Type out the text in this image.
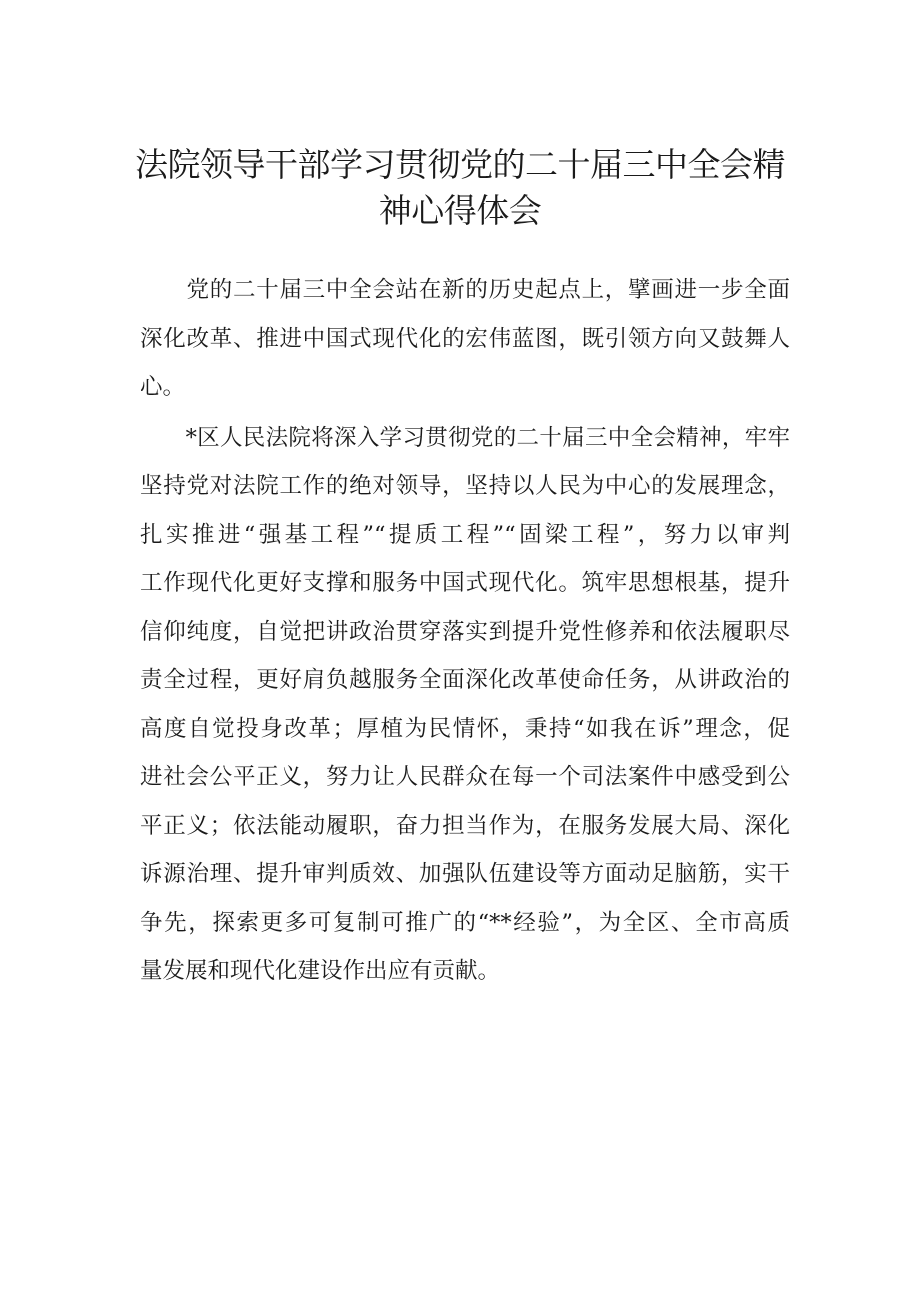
法院领导干部学习贯彻党的二十届三中全会精
神心得体会

　　党的二十届三中全会站在新的历史起点上，擘画进一步全面
深化改革、推进中国式现代化的宏伟蓝图，既引领方向又鼓舞人
心。

　　*区人民法院将深入学习贯彻党的二十届三中全会精神，牢牢
坚持党对法院工作的绝对领导，坚持以人民为中心的发展理念，
扎实推进“强基工程”“提质工程”“固梁工程”，努力以审判
工作现代化更好支撑和服务中国式现代化。筑牢思想根基，提升
信仰纯度，自觉把讲政治贯穿落实到提升党性修养和依法履职尽
责全过程，更好肩负越服务全面深化改革使命任务，从讲政治的
高度自觉投身改革；厚植为民情怀，秉持“如我在诉”理念，促
进社会公平正义，努力让人民群众在每一个司法案件中感受到公
平正义；依法能动履职，奋力担当作为，在服务发展大局、深化
诉源治理、提升审判质效、加强队伍建设等方面动足脑筋，实干
争先，探索更多可复制可推广的“**经验”，为全区、全市高质
量发展和现代化建设作出应有贡献。
